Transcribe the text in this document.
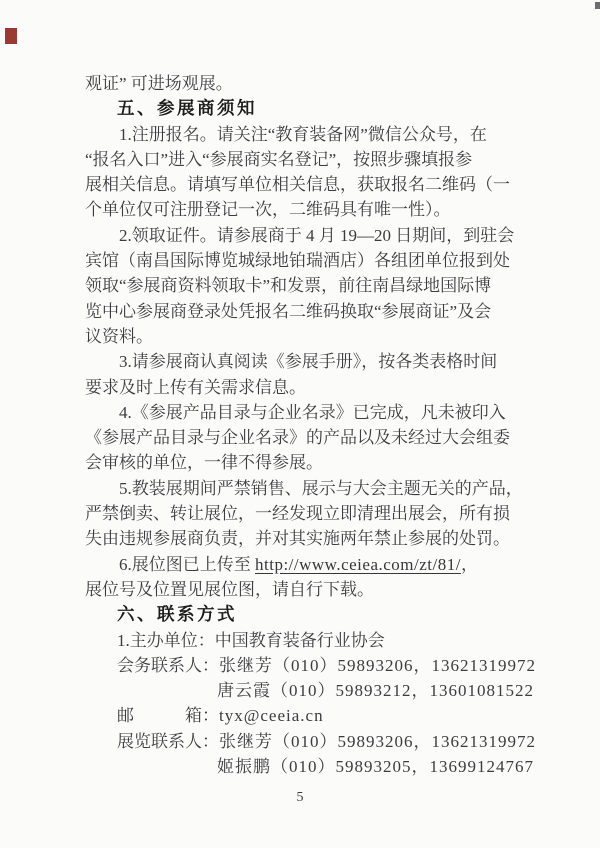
观证” 可进场观展。
五、参展商须知
1.注册报名。请关注“教育装备网”微信公众号，在
“报名入口”进入“参展商实名登记”，按照步骤填报参
展相关信息。请填写单位相关信息，获取报名二维码（一
个单位仅可注册登记一次，二维码具有唯一性）。
2.领取证件。请参展商于 4 月 19—20 日期间，到驻会
宾馆（南昌国际博览城绿地铂瑞酒店）各组团单位报到处
领取“参展商资料领取卡”和发票，前往南昌绿地国际博
览中心参展商登录处凭报名二维码换取“参展商证”及会
议资料。
3.请参展商认真阅读《参展手册》，按各类表格时间
要求及时上传有关需求信息。
4.《参展产品目录与企业名录》已完成，凡未被印入
《参展产品目录与企业名录》的产品以及未经过大会组委
会审核的单位，一律不得参展。
5.教装展期间严禁销售、展示与大会主题无关的产品，
严禁倒卖、转让展位，一经发现立即清理出展会，所有损
失由违规参展商负责，并对其实施两年禁止参展的处罚。
6.展位图已上传至 http://www.ceiea.com/zt/81/，
展位号及位置见展位图，请自行下载。
六、联系方式
1.主办单位：中国教育装备行业协会
会务联系人：张继芳（010）59893206，13621319972
唐云霞（010）59893212，13601081522
邮	箱： tyx@ceeia.cn
展览联系人：张继芳（010）59893206，13621319972
姬振鹏（010）59893205，13699124767
5
